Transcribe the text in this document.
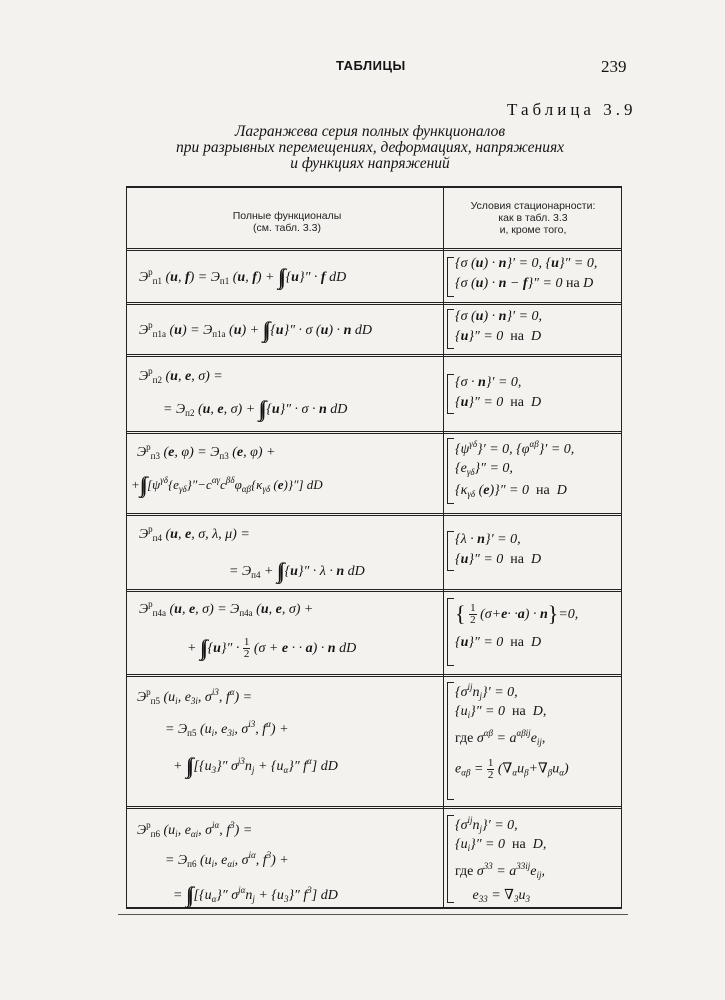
ТАБЛИЦЫ	239
Таблица 3.9
Лагранжева серия полных функционалов
при разрывных перемещениях, деформациях, напряжениях
и функциях напряжений
Полные функционалы
(см. табл. 3.3)
Условия стационарности:
как в табл. 3.3
и, кроме того,
$Э^р_{п1}$ (u, $f) = Э_{п1}$ (u, f) + ∫∫ {u}″ · f dD
{σ (u) · n}′ = 0, {u}″ = 0,
{σ (u) · n − f}″ = 0 на D
$Э^р_{п1a}$ $(u) = Э_{п1a}$ (u) + ∫∫ {u}″ · σ (u) · n dD
{σ (u) · n}′ = 0,
{u}″ = 0  на  D
$Э^р_{п2}$ (u, e, σ) =
= $Э_{п2}$ (u, e, σ) + ∫∫ {u}″ · σ · n dD
{σ · n}′ = 0,
{u}″ = 0  на  D
$Э^р_{п3}$ (e, $\varphi) = Э_{п3}$ (e, φ) +
+∫∫ [$\psi^{\gamma\delta}\{e_{\gamma\delta}\}''-c^{\alpha\gamma}c^{\beta\delta}\varphi_{\alpha\beta}\{\kappa_{\gamma\delta}$ (e)}″] dD
$\{\psi^{\gamma\delta}\}' = 0$, $\{\varphi^{\alpha\beta}\}' = 0$,
$\{e_{\gamma\delta}\}'' = 0$,
{$\kappa_{\gamma\delta}$ (e)}″ = 0  на  D
$Э^р_{п4}$ (u, e, σ, λ, μ) =
= $Э_{п4}$ + ∫∫ {u}″ · λ · n dD
{λ · n}′ = 0,
{u}″ = 0  на  D
$Э^р_{п4a}$ (u, e, $\sigma) = Э_{п4a}$ (u, e, σ) +
+ ∫∫ $\{u\}'' \cdot \frac{1}{2} (\sigma + e$ · · a) · n dD
{ $\frac{1}{2} (\sigma+e\cdot \cdot a) \cdot n\}=0$,
{u}″ = 0  на  D
$Э^р_{п5}$ ($u_i$, $e_{3i}$, $\sigma^{i3}$, $f^\alpha$) =
= $Э_{п5}$ ($u_i$, $e_{3i}$, $\sigma^{i3}$, $f^\alpha$) +
+ ∫∫ [$\{u_3\}''$ $\sigma^{j3}n_j + \{u_\alpha\}''$ $f^\alpha$] dD
$\{\sigma^{ij}n_j\}' = 0$,
$\{u_i\}'' = 0$  на  D,
где $\sigma^{\alpha\beta} = a^{\alpha\beta ij}e_{ij}$,
$e_{\alpha\beta} = \frac{1}{2} (\nabla_\alpha u_\beta+\nabla_\beta u_\alpha)$
$Э^р_{п6}$ ($u_i$, $e_{\alpha i}$, $\sigma^{i\alpha}$, $f^3$) =
= $Э_{п6}$ ($u_i$, $e_{\alpha i}$, $\sigma^{i\alpha}$, $f^3$) +
= ∫∫ [$\{u_\alpha\}''$ $\sigma^{j\alpha}n_j + \{u_3\}''$ $f^3$] dD
$\{\sigma^{ij}n_j\}' = 0$,
$\{u_i\}'' = 0$  на  D,
где $\sigma^{33} = a^{33ij}e_{ij}$,
$e_{33} = \nabla_3u_3$
